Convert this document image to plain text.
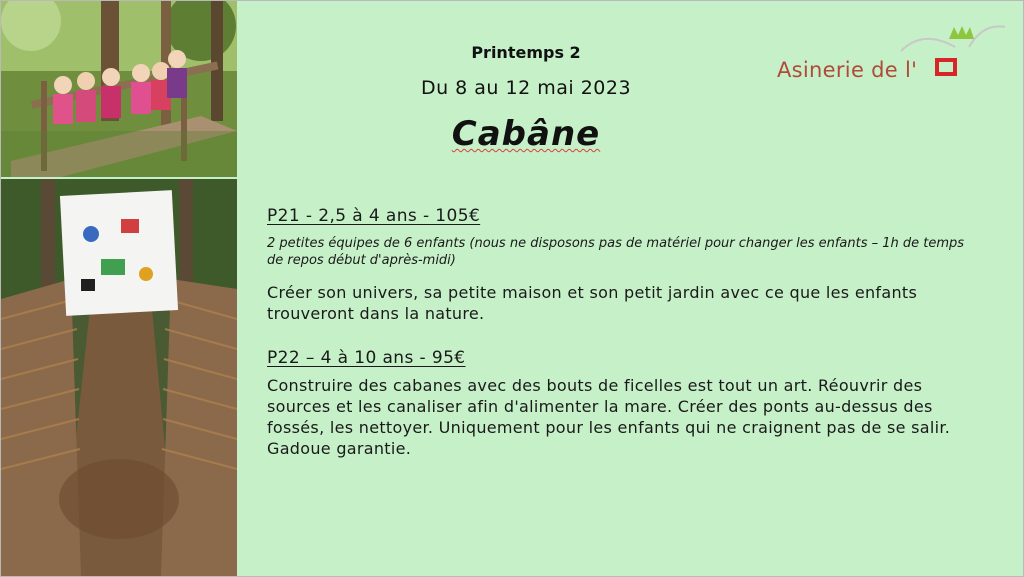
Printemps 2
Du 8 au 12 mai 2023
Cabâne
Asinerie de l'
P21 - 2,5 à 4 ans - 105€
2 petites équipes de 6 enfants (nous ne disposons pas de matériel pour changer les enfants – 1h de temps de repos début d'après-midi)
Créer son univers, sa petite maison et son petit jardin avec ce que les enfants trouveront dans la nature.
P22 – 4 à 10 ans - 95€
Construire des cabanes avec des bouts de ficelles est tout un art. Réouvrir des sources et les canaliser afin d'alimenter la mare. Créer des ponts au-dessus des fossés, les nettoyer. Uniquement pour les enfants qui ne craignent pas de se salir. Gadoue garantie.
